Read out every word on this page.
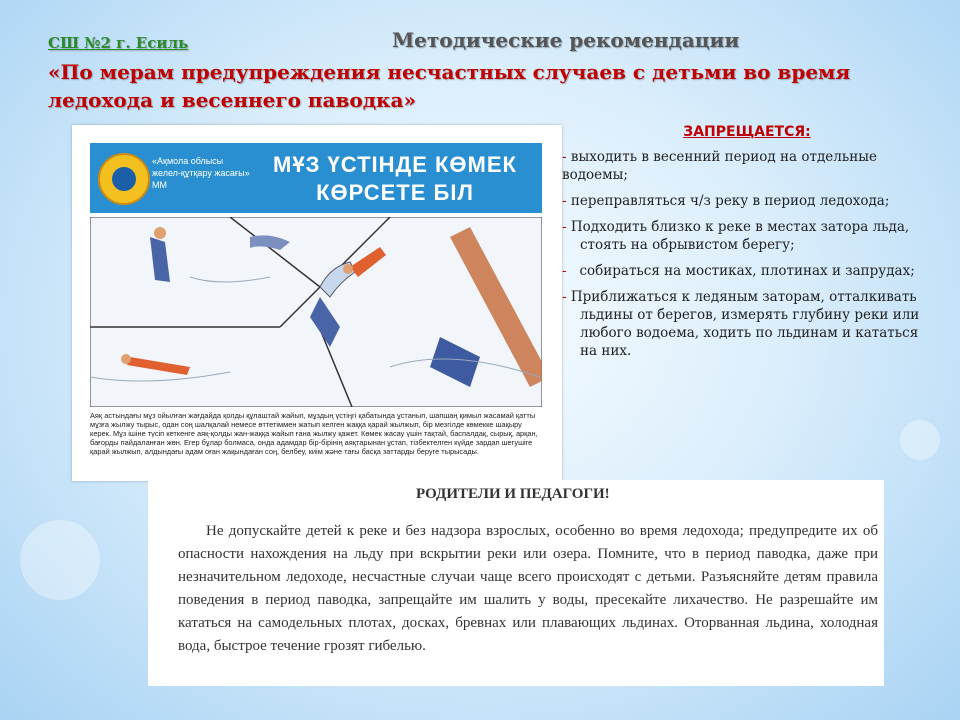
СШ №2 г. Есиль	Методические рекомендации
«По мерам предупреждения несчастных случаев с детьми во время ледохода и весеннего паводка»
«Ақмола облысы желел-құтқару жасағы» ММ
МҰЗ ҮСТІНДЕ КӨМЕК КӨРСЕТЕ БІЛ
Аяқ астындағы мұз ойылған жағдайда қолды құлаштай жайып, мұздың үстіңгі қабатында ұстанып, шапшаң қимыл жасамай қатты мұзға жылжу тырыс, одан соң шалқалай немесе өттетіммен жатып келген жаққа қарай жылжып, бір мезгілде көмекке шақыру керек. Мұз ішіне түсіп кеткенге аяқ-қолды жан-жаққа жайып ғана жылжу қажет. Көмек жасау үшін тақтай, баспалдақ, сырық, арқан, бағорды пайдаланған жөн. Егер бұлар болмаса, онда адамдар бір-бірінің аяқтарынан ұстап, тізбектелген күйде зардап шегушіге қарай жылжып, алдындағы адам оған жақындаған соң, белбеу, киім және тағы басқа заттарды беруге тырысады.
ЗАПРЕЩАЕТСЯ:
- выходить в весенний период на отдельные водоемы;
- переправляться ч/з реку в период ледохода;
- Подходить близко к реке в местах затора льда, стоять на обрывистом берегу;
-   собираться на мостиках, плотинах и запрудах;
- Приближаться к ледяным заторам, отталкивать льдины от берегов, измерять глубину реки или любого водоема, ходить по льдинам и кататься на них.
РОДИТЕЛИ И ПЕДАГОГИ!

Не допускайте детей к реке и без надзора взрослых, особенно во время ледохода; предупредите их об опасности нахождения на льду при вскрытии реки или озера. Помните, что в период паводка, даже при незначительном ледоходе, несчастные случаи чаще всего происходят с детьми. Разъясняйте детям правила поведения в период паводка, запрещайте им шалить у воды, пресекайте лихачество. Не разрешайте им кататься на самодельных плотах, досках, бревнах или плавающих льдинах. Оторванная льдина, холодная вода, быстрое течение грозят гибелью.
